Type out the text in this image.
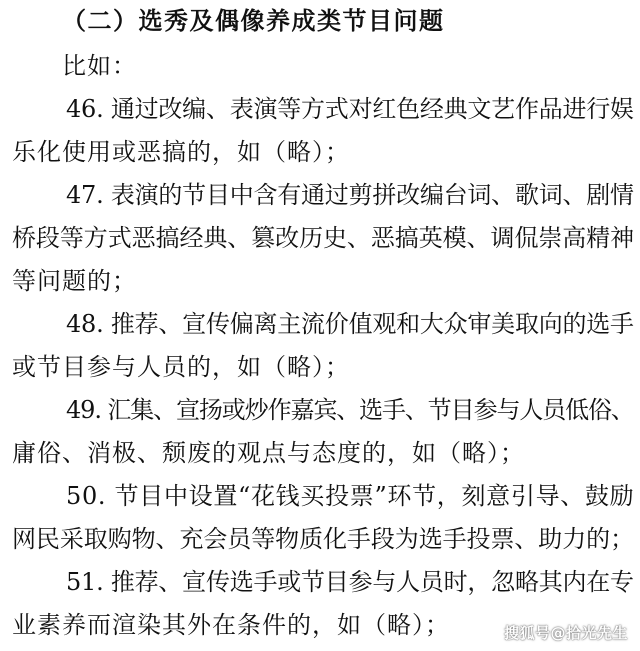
（二）选秀及偶像养成类节目问题
比如：
46. 通过改编、表演等方式对红色经典文艺作品进行娱
乐化使用或恶搞的，如（略）；
47. 表演的节目中含有通过剪拼改编台词、歌词、剧情
桥段等方式恶搞经典、篡改历史、恶搞英模、调侃崇高精神
等问题的；
48. 推荐、宣传偏离主流价值观和大众审美取向的选手
或节目参与人员的，如（略）；
49. 汇集、宣扬或炒作嘉宾、选手、节目参与人员低俗、
庸俗、消极、颓废的观点与态度的，如（略）；
50. 节目中设置“花钱买投票”环节，刻意引导、鼓励
网民采取购物、充会员等物质化手段为选手投票、助力的；
51. 推荐、宣传选手或节目参与人员时，忽略其内在专
业素养而渲染其外在条件的，如（略）；	搜狐号@拾光先生
